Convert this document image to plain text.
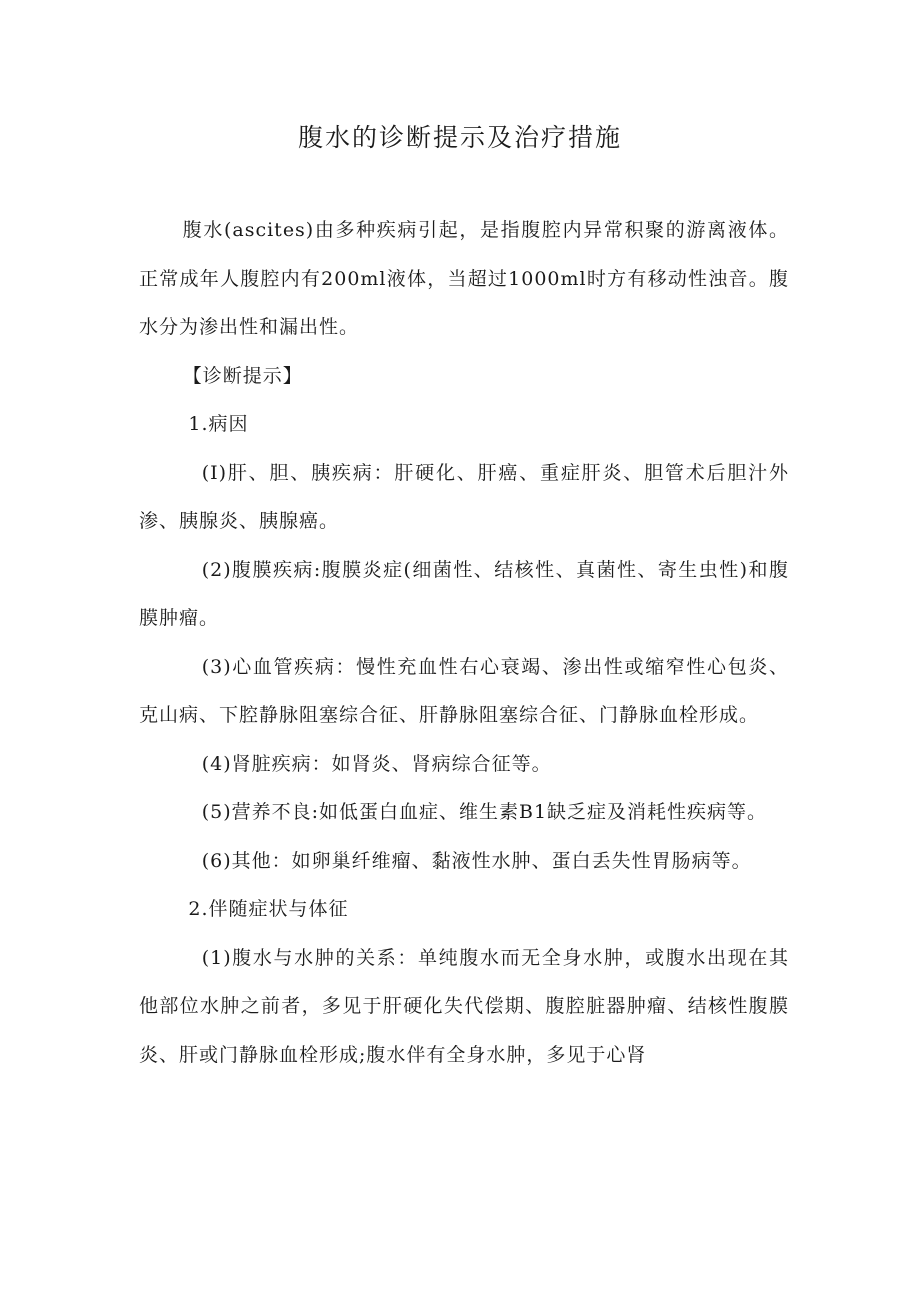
腹水的诊断提示及治疗措施

腹水(ascites)由多种疾病引起，是指腹腔内异常积聚的游离液体。正常成年人腹腔内有200ml液体，当超过1000ml时方有移动性浊音。腹水分为渗出性和漏出性。

【诊断提示】

1.病因

(I)肝、胆、胰疾病：肝硬化、肝癌、重症肝炎、胆管术后胆汁外渗、胰腺炎、胰腺癌。

(2)腹膜疾病:腹膜炎症(细菌性、结核性、真菌性、寄生虫性)和腹膜肿瘤。

(3)心血管疾病：慢性充血性右心衰竭、渗出性或缩窄性心包炎、克山病、下腔静脉阻塞综合征、肝静脉阻塞综合征、门静脉血栓形成。

(4)肾脏疾病：如肾炎、肾病综合征等。

(5)营养不良:如低蛋白血症、维生素B1缺乏症及消耗性疾病等。

(6)其他：如卵巢纤维瘤、黏液性水肿、蛋白丢失性胃肠病等。

2.伴随症状与体征

(1)腹水与水肿的关系：单纯腹水而无全身水肿，或腹水出现在其他部位水肿之前者，多见于肝硬化失代偿期、腹腔脏器肿瘤、结核性腹膜炎、肝或门静脉血栓形成;腹水伴有全身水肿，多见于心肾
